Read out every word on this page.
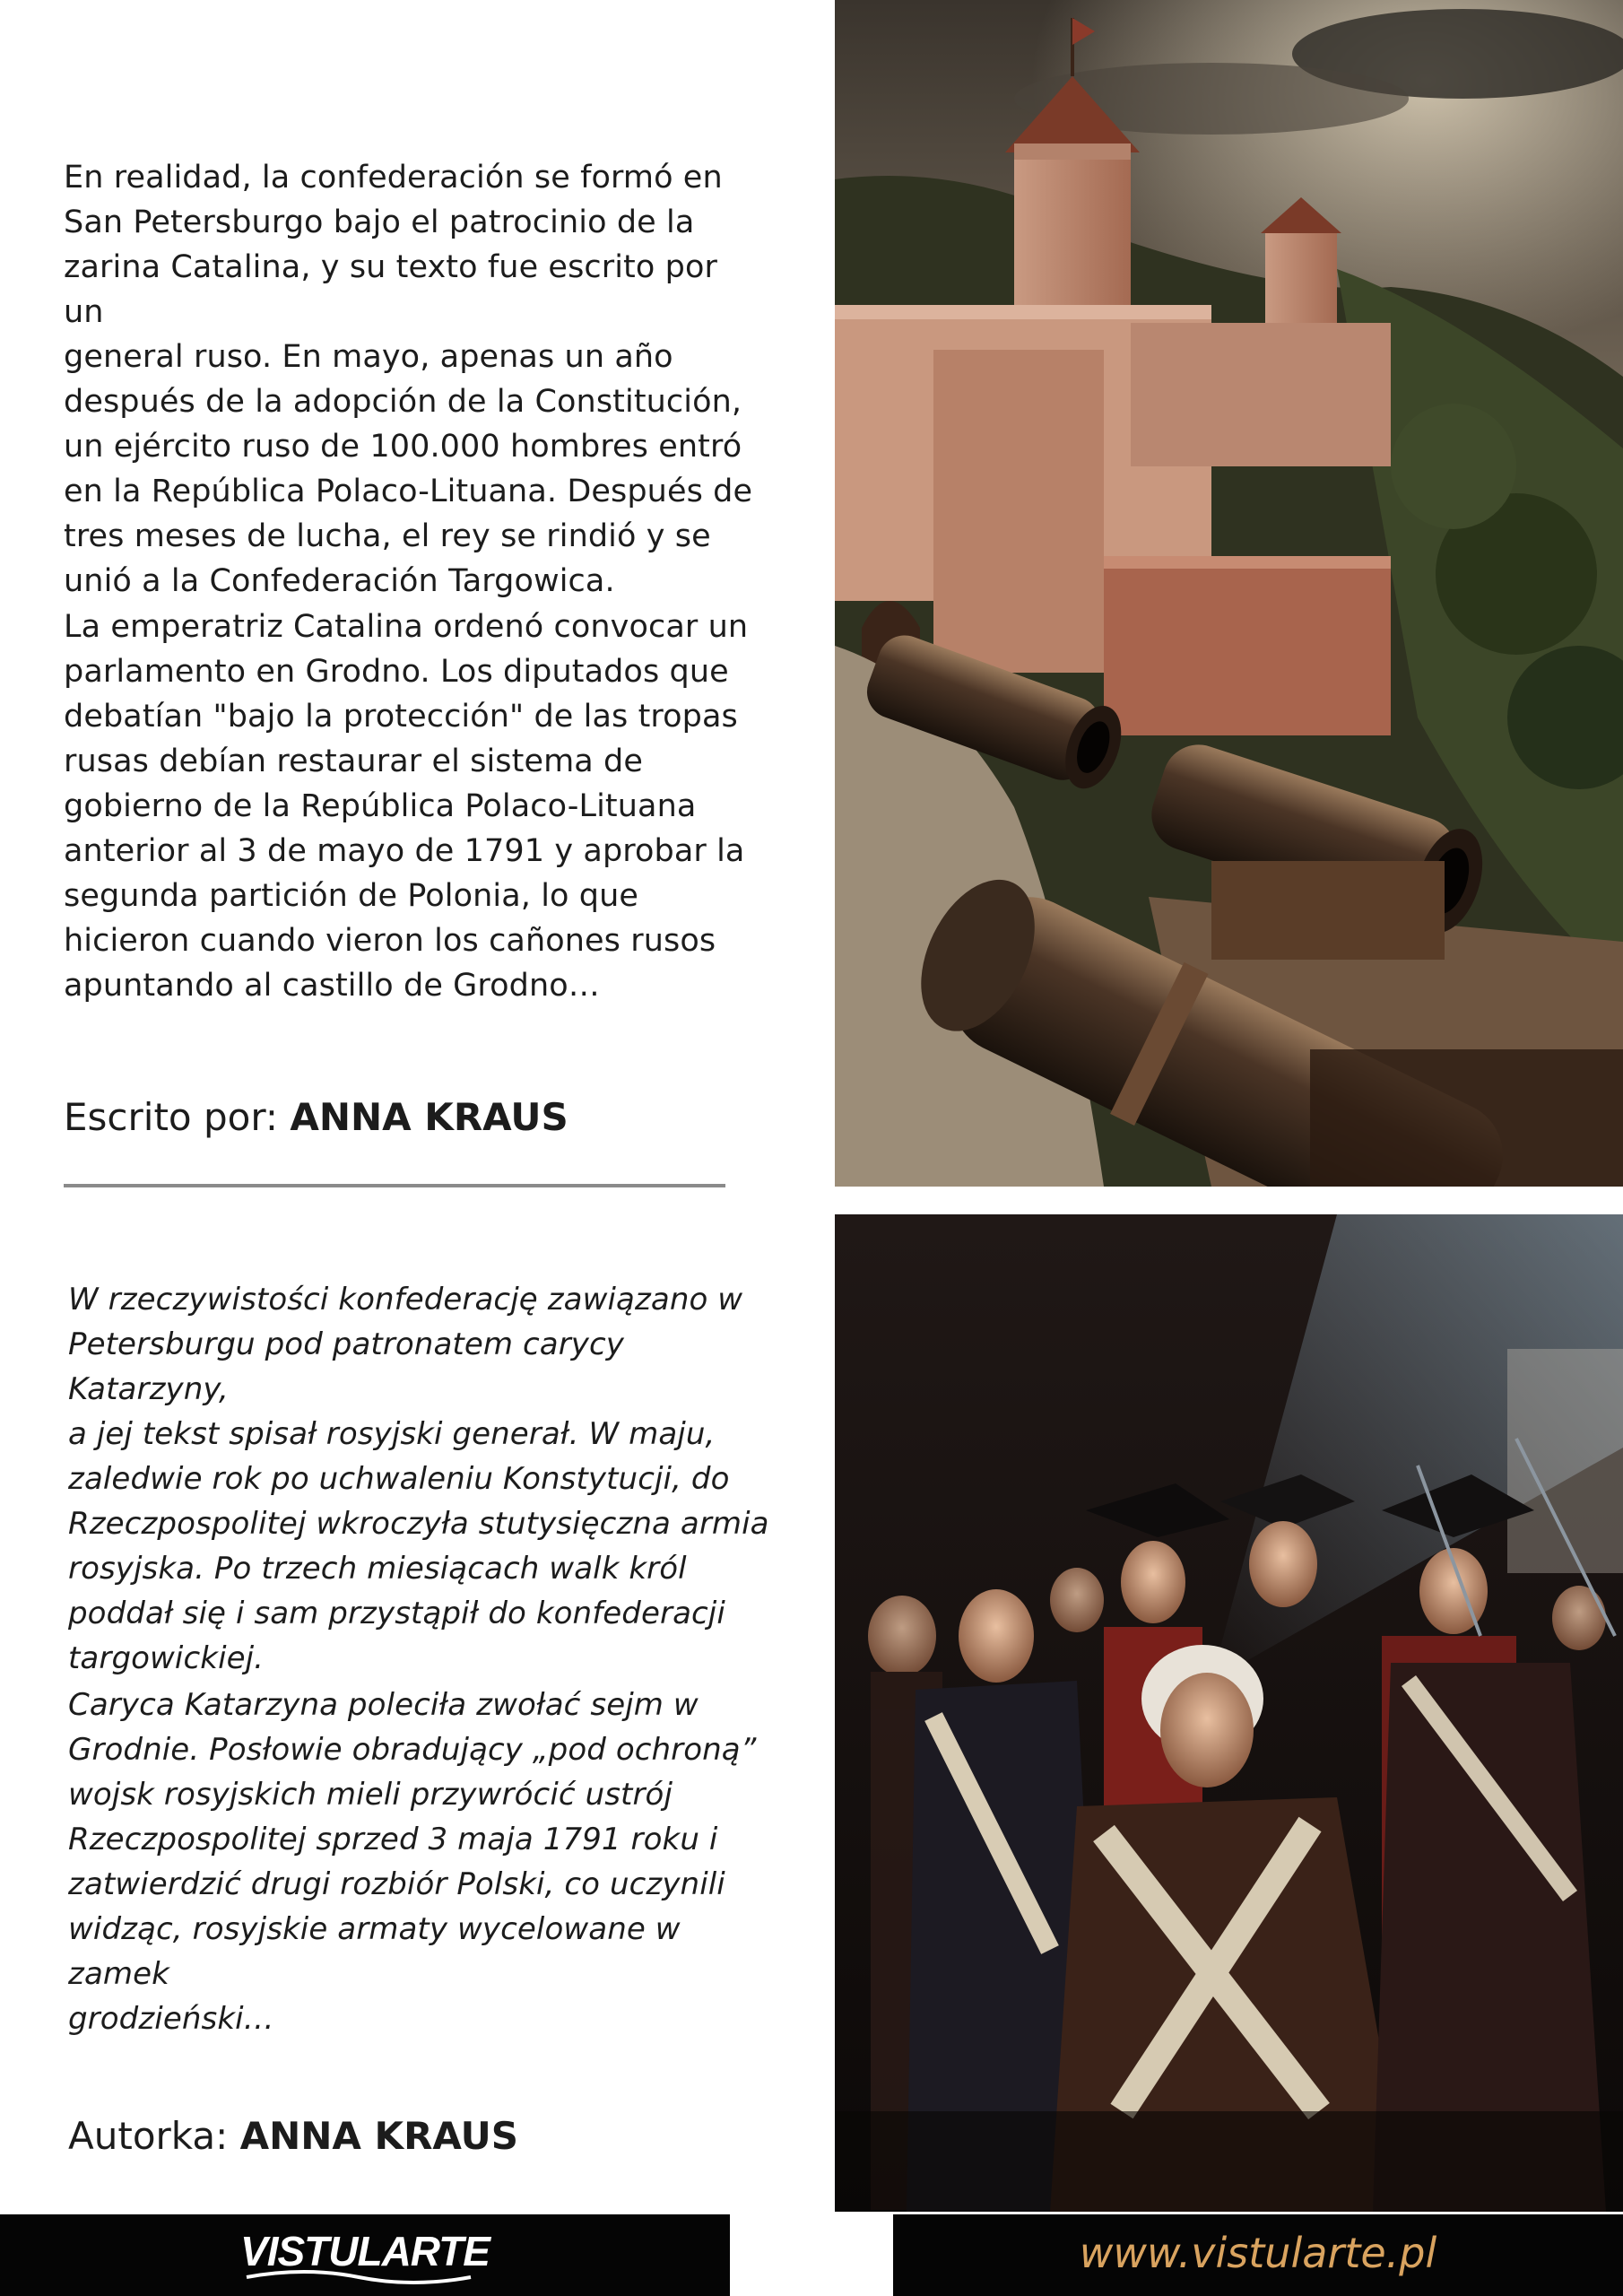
En realidad, la confederación se formó en
San Petersburgo bajo el patrocinio de la
zarina Catalina, y su texto fue escrito por un
general ruso. En mayo, apenas un año
después de la adopción de la Constitución,
un ejército ruso de 100.000 hombres entró
en la República Polaco-Lituana. Después de
tres meses de lucha, el rey se rindió y se
unió a la Confederación Targowica.

La emperatriz Catalina ordenó convocar un
parlamento en Grodno. Los diputados que
debatían "bajo la protección" de las tropas
rusas debían restaurar el sistema de
gobierno de la República Polaco-Lituana
anterior al 3 de mayo de 1791 y aprobar la
segunda partición de Polonia, lo que
hicieron cuando vieron los cañones rusos
apuntando al castillo de Grodno…

Escrito por: ANNA KRAUS

W rzeczywistości konfederację zawiązano w
Petersburgu pod patronatem carycy Katarzyny,
a jej tekst spisał rosyjski generał. W maju,
zaledwie rok po uchwaleniu Konstytucji, do
Rzeczpospolitej wkroczyła stutysięczna armia
rosyjska. Po trzech miesiącach walk król
poddał się i sam przystąpił do konfederacji
targowickiej.

Caryca Katarzyna poleciła zwołać sejm w
Grodnie. Posłowie obradujący „pod ochroną”
wojsk rosyjskich mieli przywrócić ustrój
Rzeczpospolitej sprzed 3 maja 1791 roku i
zatwierdzić drugi rozbiór Polski, co uczynili
widząc, rosyjskie armaty wycelowane w zamek
grodzieński…

Autorka: ANNA KRAUS
VISTULARTE	www.vistularte.pl
